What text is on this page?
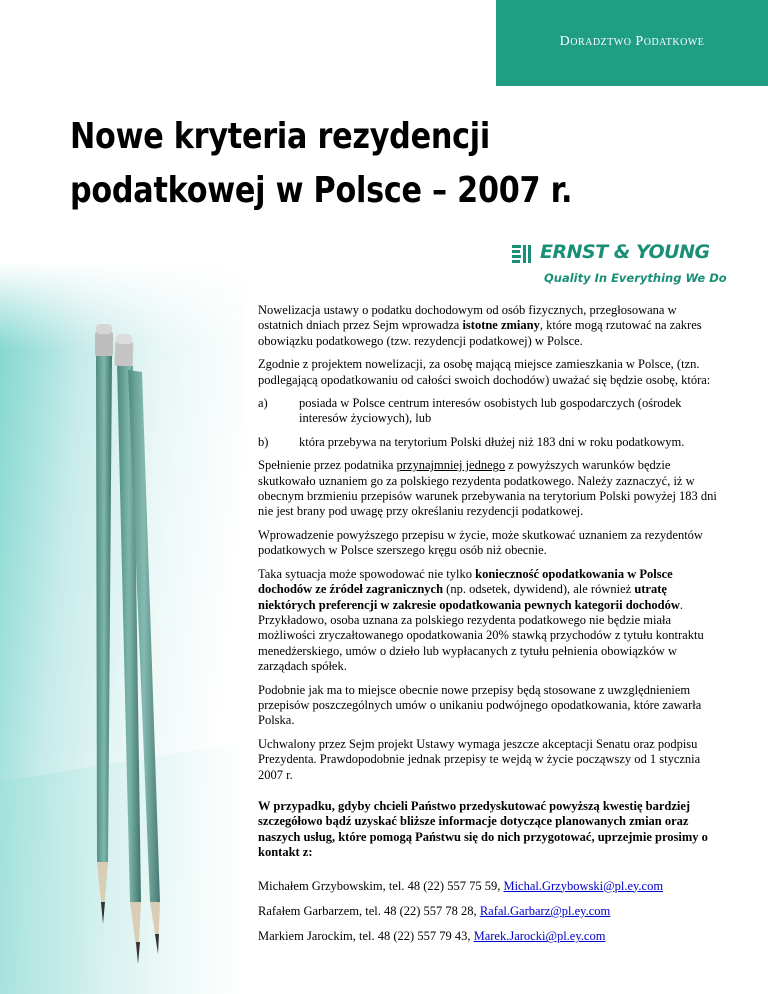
Doradztwo Podatkowe
Nowe kryteria rezydencji
podatkowej w Polsce – 2007 r.
ERNST & YOUNG
Quality In Everything We Do

Nowelizacja ustawy o podatku dochodowym od osób fizycznych, przegłosowana w ostatnich dniach przez Sejm wprowadza istotne zmiany, które mogą rzutować na zakres obowiązku podatkowego (tzw. rezydencji podatkowej) w Polsce.

Zgodnie z projektem nowelizacji, za osobę mającą miejsce zamieszkania w Polsce, (tzn. podlegającą opodatkowaniu od całości swoich dochodów) uważać się będzie osobę, która:

a)	posiada w Polsce centrum interesów osobistych lub gospodarczych (ośrodek interesów życiowych), lub
b)	która przebywa na terytorium Polski dłużej niż 183 dni w roku podatkowym.

Spełnienie przez podatnika przynajmniej jednego z powyższych warunków będzie skutkowało uznaniem go za polskiego rezydenta podatkowego. Należy zaznaczyć, iż w obecnym brzmieniu przepisów warunek przebywania na terytorium Polski powyżej 183 dni nie jest brany pod uwagę przy określaniu rezydencji podatkowej.

Wprowadzenie powyższego przepisu w życie, może skutkować uznaniem za rezydentów podatkowych w Polsce szerszego kręgu osób niż obecnie.

Taka sytuacja może spowodować nie tylko konieczność opodatkowania w Polsce dochodów ze źródeł zagranicznych (np. odsetek, dywidend), ale również utratę niektórych preferencji w zakresie opodatkowania pewnych kategorii dochodów. Przykładowo, osoba uznana za polskiego rezydenta podatkowego nie będzie miała możliwości zryczałtowanego opodatkowania 20% stawką przychodów z tytułu kontraktu menedżerskiego, umów o dzieło lub wypłacanych z tytułu pełnienia obowiązków w zarządach spółek.

Podobnie jak ma to miejsce obecnie nowe przepisy będą stosowane z uwzględnieniem przepisów poszczególnych umów o unikaniu podwójnego opodatkowania, które zawarła Polska.

Uchwalony przez Sejm projekt Ustawy wymaga jeszcze akceptacji Senatu oraz podpisu Prezydenta. Prawdopodobnie jednak przepisy te wejdą w życie począwszy od 1 stycznia 2007 r.

W przypadku, gdyby chcieli Państwo przedyskutować powyższą kwestię bardziej szczegółowo bądź uzyskać bliższe informacje dotyczące planowanych zmian oraz naszych usług, które pomogą Państwu się do nich przygotować, uprzejmie prosimy o kontakt z:

Michałem Grzybowskim, tel. 48 (22) 557 75 59, Michal.Grzybowski@pl.ey.com

Rafałem Garbarzem, tel. 48 (22) 557 78 28, Rafal.Garbarz@pl.ey.com

Markiem Jarockim, tel. 48 (22) 557 79 43, Marek.Jarocki@pl.ey.com
